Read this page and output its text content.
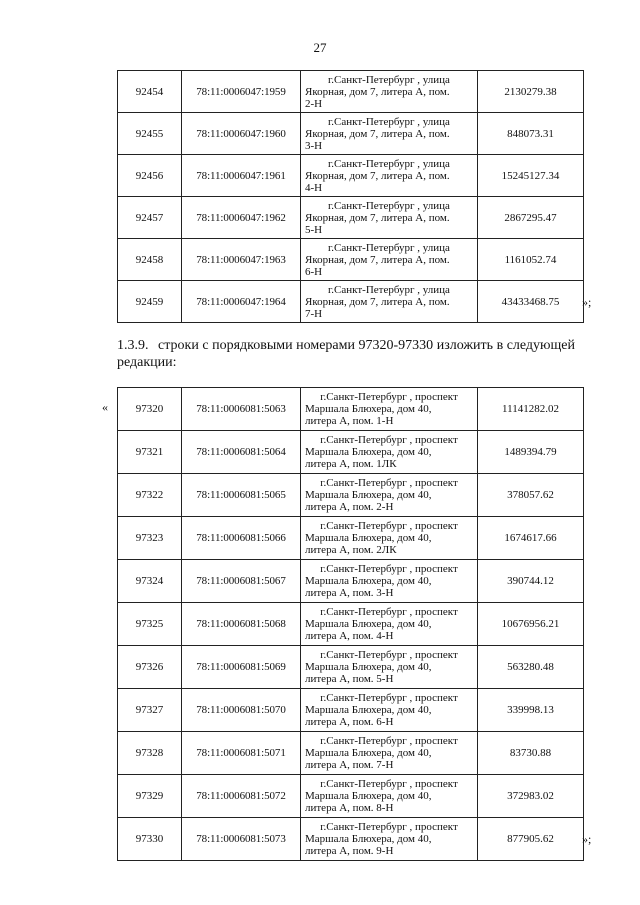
27
92454	78:11:0006047:1959	г.Санкт-Петербург , улица
Якорная, дом 7, литера А, пом.
2-Н	2130279.38
92455	78:11:0006047:1960	г.Санкт-Петербург , улица
Якорная, дом 7, литера А, пом.
3-Н	848073.31
92456	78:11:0006047:1961	г.Санкт-Петербург , улица
Якорная, дом 7, литера А, пом.
4-Н	15245127.34
92457	78:11:0006047:1962	г.Санкт-Петербург , улица
Якорная, дом 7, литера А, пом.
5-Н	2867295.47
92458	78:11:0006047:1963	г.Санкт-Петербург , улица
Якорная, дом 7, литера А, пом.
6-Н	1161052.74
92459	78:11:0006047:1964	г.Санкт-Петербург , улица
Якорная, дом 7, литера А, пом.
7-Н	43433468.75
1.3.9. строки с порядковыми номерами 97320-97330 изложить в следующей редакции:
«	97320	78:11:0006081:5063	г.Санкт-Петербург , проспект
Маршала Блюхера, дом 40,
литера А, пом. 1-Н	11141282.02
97321	78:11:0006081:5064	г.Санкт-Петербург , проспект
Маршала Блюхера, дом 40,
литера А, пом. 1ЛК	1489394.79
97322	78:11:0006081:5065	г.Санкт-Петербург , проспект
Маршала Блюхера, дом 40,
литера А, пом. 2-Н	378057.62
97323	78:11:0006081:5066	г.Санкт-Петербург , проспект
Маршала Блюхера, дом 40,
литера А, пом. 2ЛК	1674617.66
97324	78:11:0006081:5067	г.Санкт-Петербург , проспект
Маршала Блюхера, дом 40,
литера А, пом. 3-Н	390744.12
97325	78:11:0006081:5068	г.Санкт-Петербург , проспект
Маршала Блюхера, дом 40,
литера А, пом. 4-Н	10676956.21
97326	78:11:0006081:5069	г.Санкт-Петербург , проспект
Маршала Блюхера, дом 40,
литера А, пом. 5-Н	563280.48
97327	78:11:0006081:5070	г.Санкт-Петербург , проспект
Маршала Блюхера, дом 40,
литера А, пом. 6-Н	339998.13
97328	78:11:0006081:5071	г.Санкт-Петербург , проспект
Маршала Блюхера, дом 40,
литера А, пом. 7-Н	83730.88
97329	78:11:0006081:5072	г.Санкт-Петербург , проспект
Маршала Блюхера, дом 40,
литера А, пом. 8-Н	372983.02
97330	78:11:0006081:5073	г.Санкт-Петербург , проспект
Маршала Блюхера, дом 40,
литера А, пом. 9-Н	877905.62
»;
»;
